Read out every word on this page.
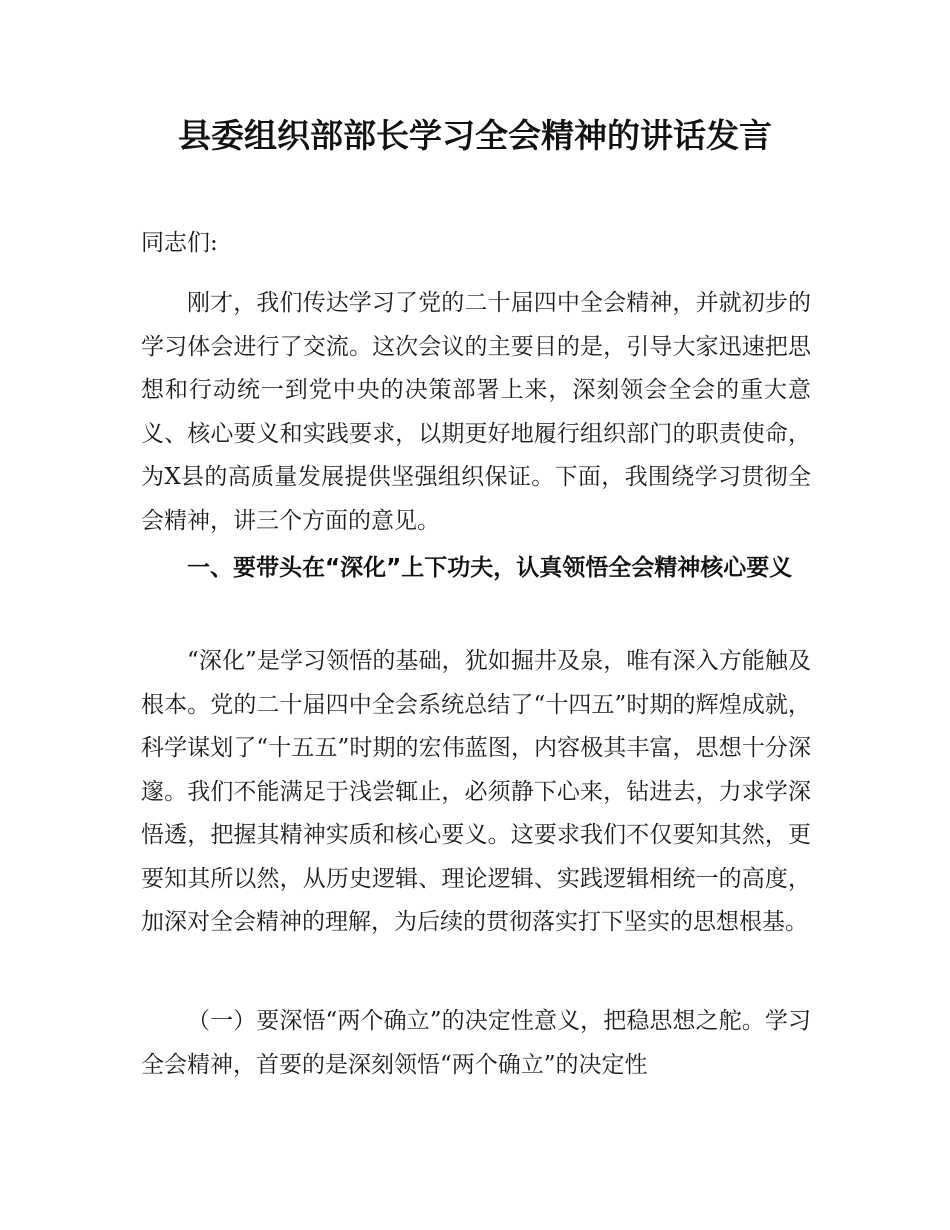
县委组织部部长学习全会精神的讲话发言
同志们:
刚才，我们传达学习了党的二十届四中全会精神，并就初步的学习体会进行了交流。这次会议的主要目的是，引导大家迅速把思想和行动统一到党中央的决策部署上来，深刻领会全会的重大意义、核心要义和实践要求，以期更好地履行组织部门的职责使命，为X县的高质量发展提供坚强组织保证。下面，我围绕学习贯彻全会精神，讲三个方面的意见。
一、要带头在“深化”上下功夫，认真领悟全会精神核心要义
“深化”是学习领悟的基础，犹如掘井及泉，唯有深入方能触及根本。党的二十届四中全会系统总结了“十四五”时期的辉煌成就，科学谋划了“十五五”时期的宏伟蓝图，内容极其丰富，思想十分深邃。我们不能满足于浅尝辄止，必须静下心来，钻进去，力求学深悟透，把握其精神实质和核心要义。这要求我们不仅要知其然，更要知其所以然，从历史逻辑、理论逻辑、实践逻辑相统一的高度，加深对全会精神的理解，为后续的贯彻落实打下坚实的思想根基。
（一）要深悟“两个确立”的决定性意义，把稳思想之舵。学习全会精神，首要的是深刻领悟“两个确立”的决定性
